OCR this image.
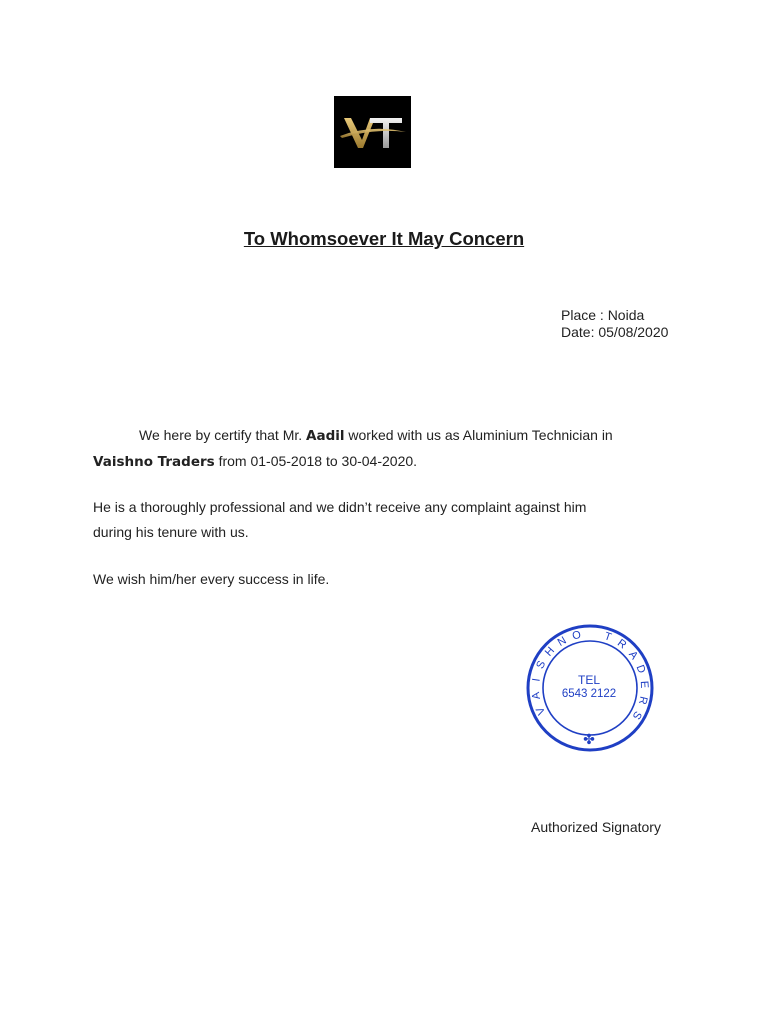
To Whomsoever It May Concern
Place : Noida
Date: 05/08/2020
We here by certify that Mr. Aadil worked with us as Aluminium Technician in
Vaishno Traders from 01-05-2018 to 30-04-2020.
He is a thoroughly professional and we didn’t receive any complaint against him
during his tenure with us.
We wish him/her every success in life.
V
A
I
S
H
N O T
R
A
D
E
R
S
TEL
6543 2122
✤
Authorized Signatory
